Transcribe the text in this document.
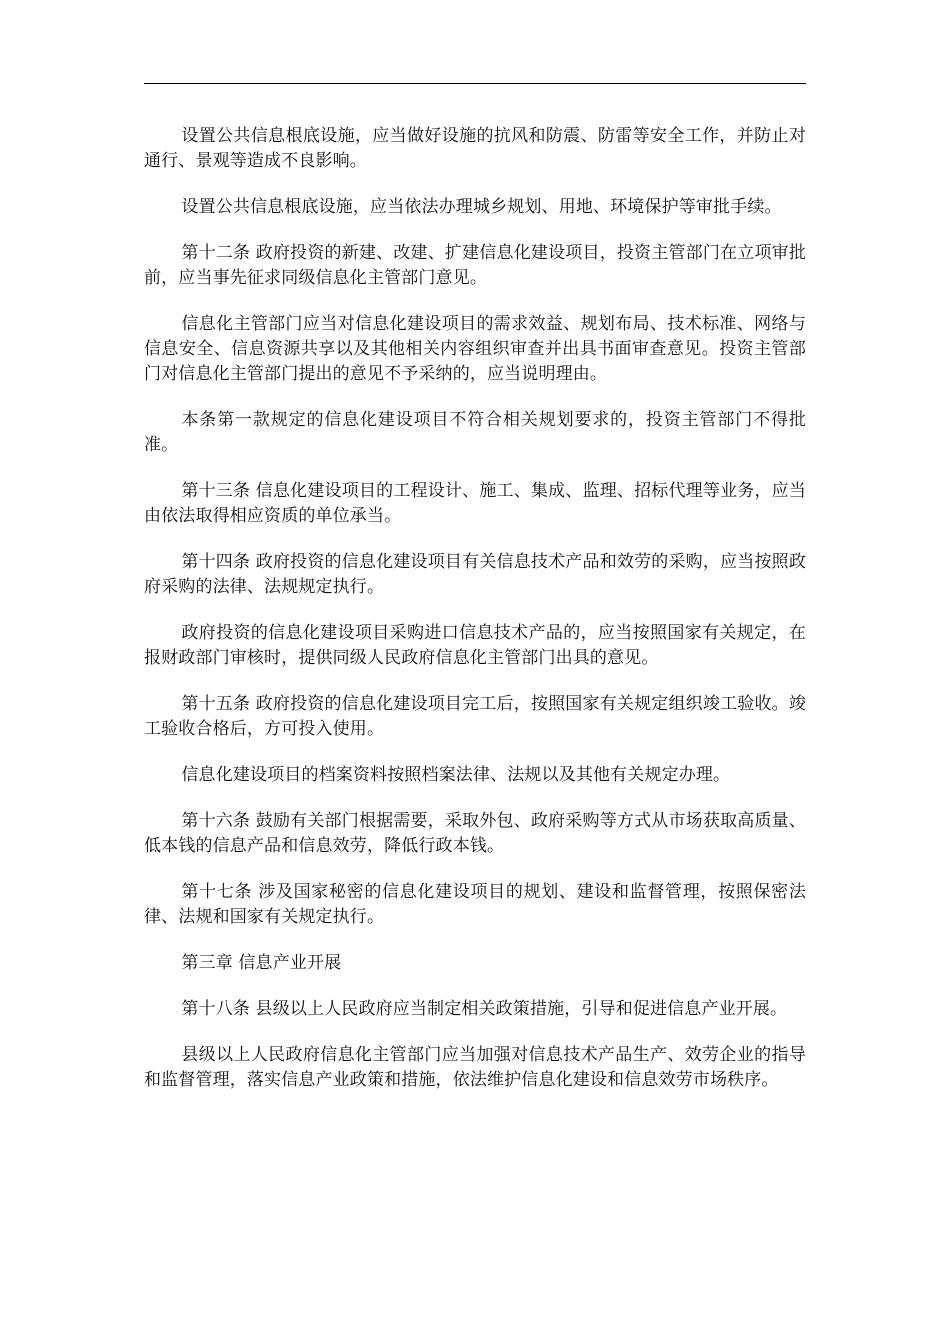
设置公共信息根底设施，应当做好设施的抗风和防震、防雷等安全工作，并防止对通行、景观等造成不良影响。

设置公共信息根底设施，应当依法办理城乡规划、用地、环境保护等审批手续。

第十二条 政府投资的新建、改建、扩建信息化建设项目，投资主管部门在立项审批前，应当事先征求同级信息化主管部门意见。

信息化主管部门应当对信息化建设项目的需求效益、规划布局、技术标准、网络与信息安全、信息资源共享以及其他相关内容组织审查并出具书面审查意见。投资主管部门对信息化主管部门提出的意见不予采纳的，应当说明理由。

本条第一款规定的信息化建设项目不符合相关规划要求的，投资主管部门不得批准。

第十三条 信息化建设项目的工程设计、施工、集成、监理、招标代理等业务，应当由依法取得相应资质的单位承当。

第十四条 政府投资的信息化建设项目有关信息技术产品和效劳的采购，应当按照政府采购的法律、法规规定执行。

政府投资的信息化建设项目采购进口信息技术产品的，应当按照国家有关规定，在报财政部门审核时，提供同级人民政府信息化主管部门出具的意见。

第十五条 政府投资的信息化建设项目完工后，按照国家有关规定组织竣工验收。竣工验收合格后，方可投入使用。

信息化建设项目的档案资料按照档案法律、法规以及其他有关规定办理。

第十六条 鼓励有关部门根据需要，采取外包、政府采购等方式从市场获取高质量、低本钱的信息产品和信息效劳，降低行政本钱。

第十七条 涉及国家秘密的信息化建设项目的规划、建设和监督管理，按照保密法律、法规和国家有关规定执行。

第三章 信息产业开展

第十八条 县级以上人民政府应当制定相关政策措施，引导和促进信息产业开展。

县级以上人民政府信息化主管部门应当加强对信息技术产品生产、效劳企业的指导和监督管理，落实信息产业政策和措施，依法维护信息化建设和信息效劳市场秩序。
